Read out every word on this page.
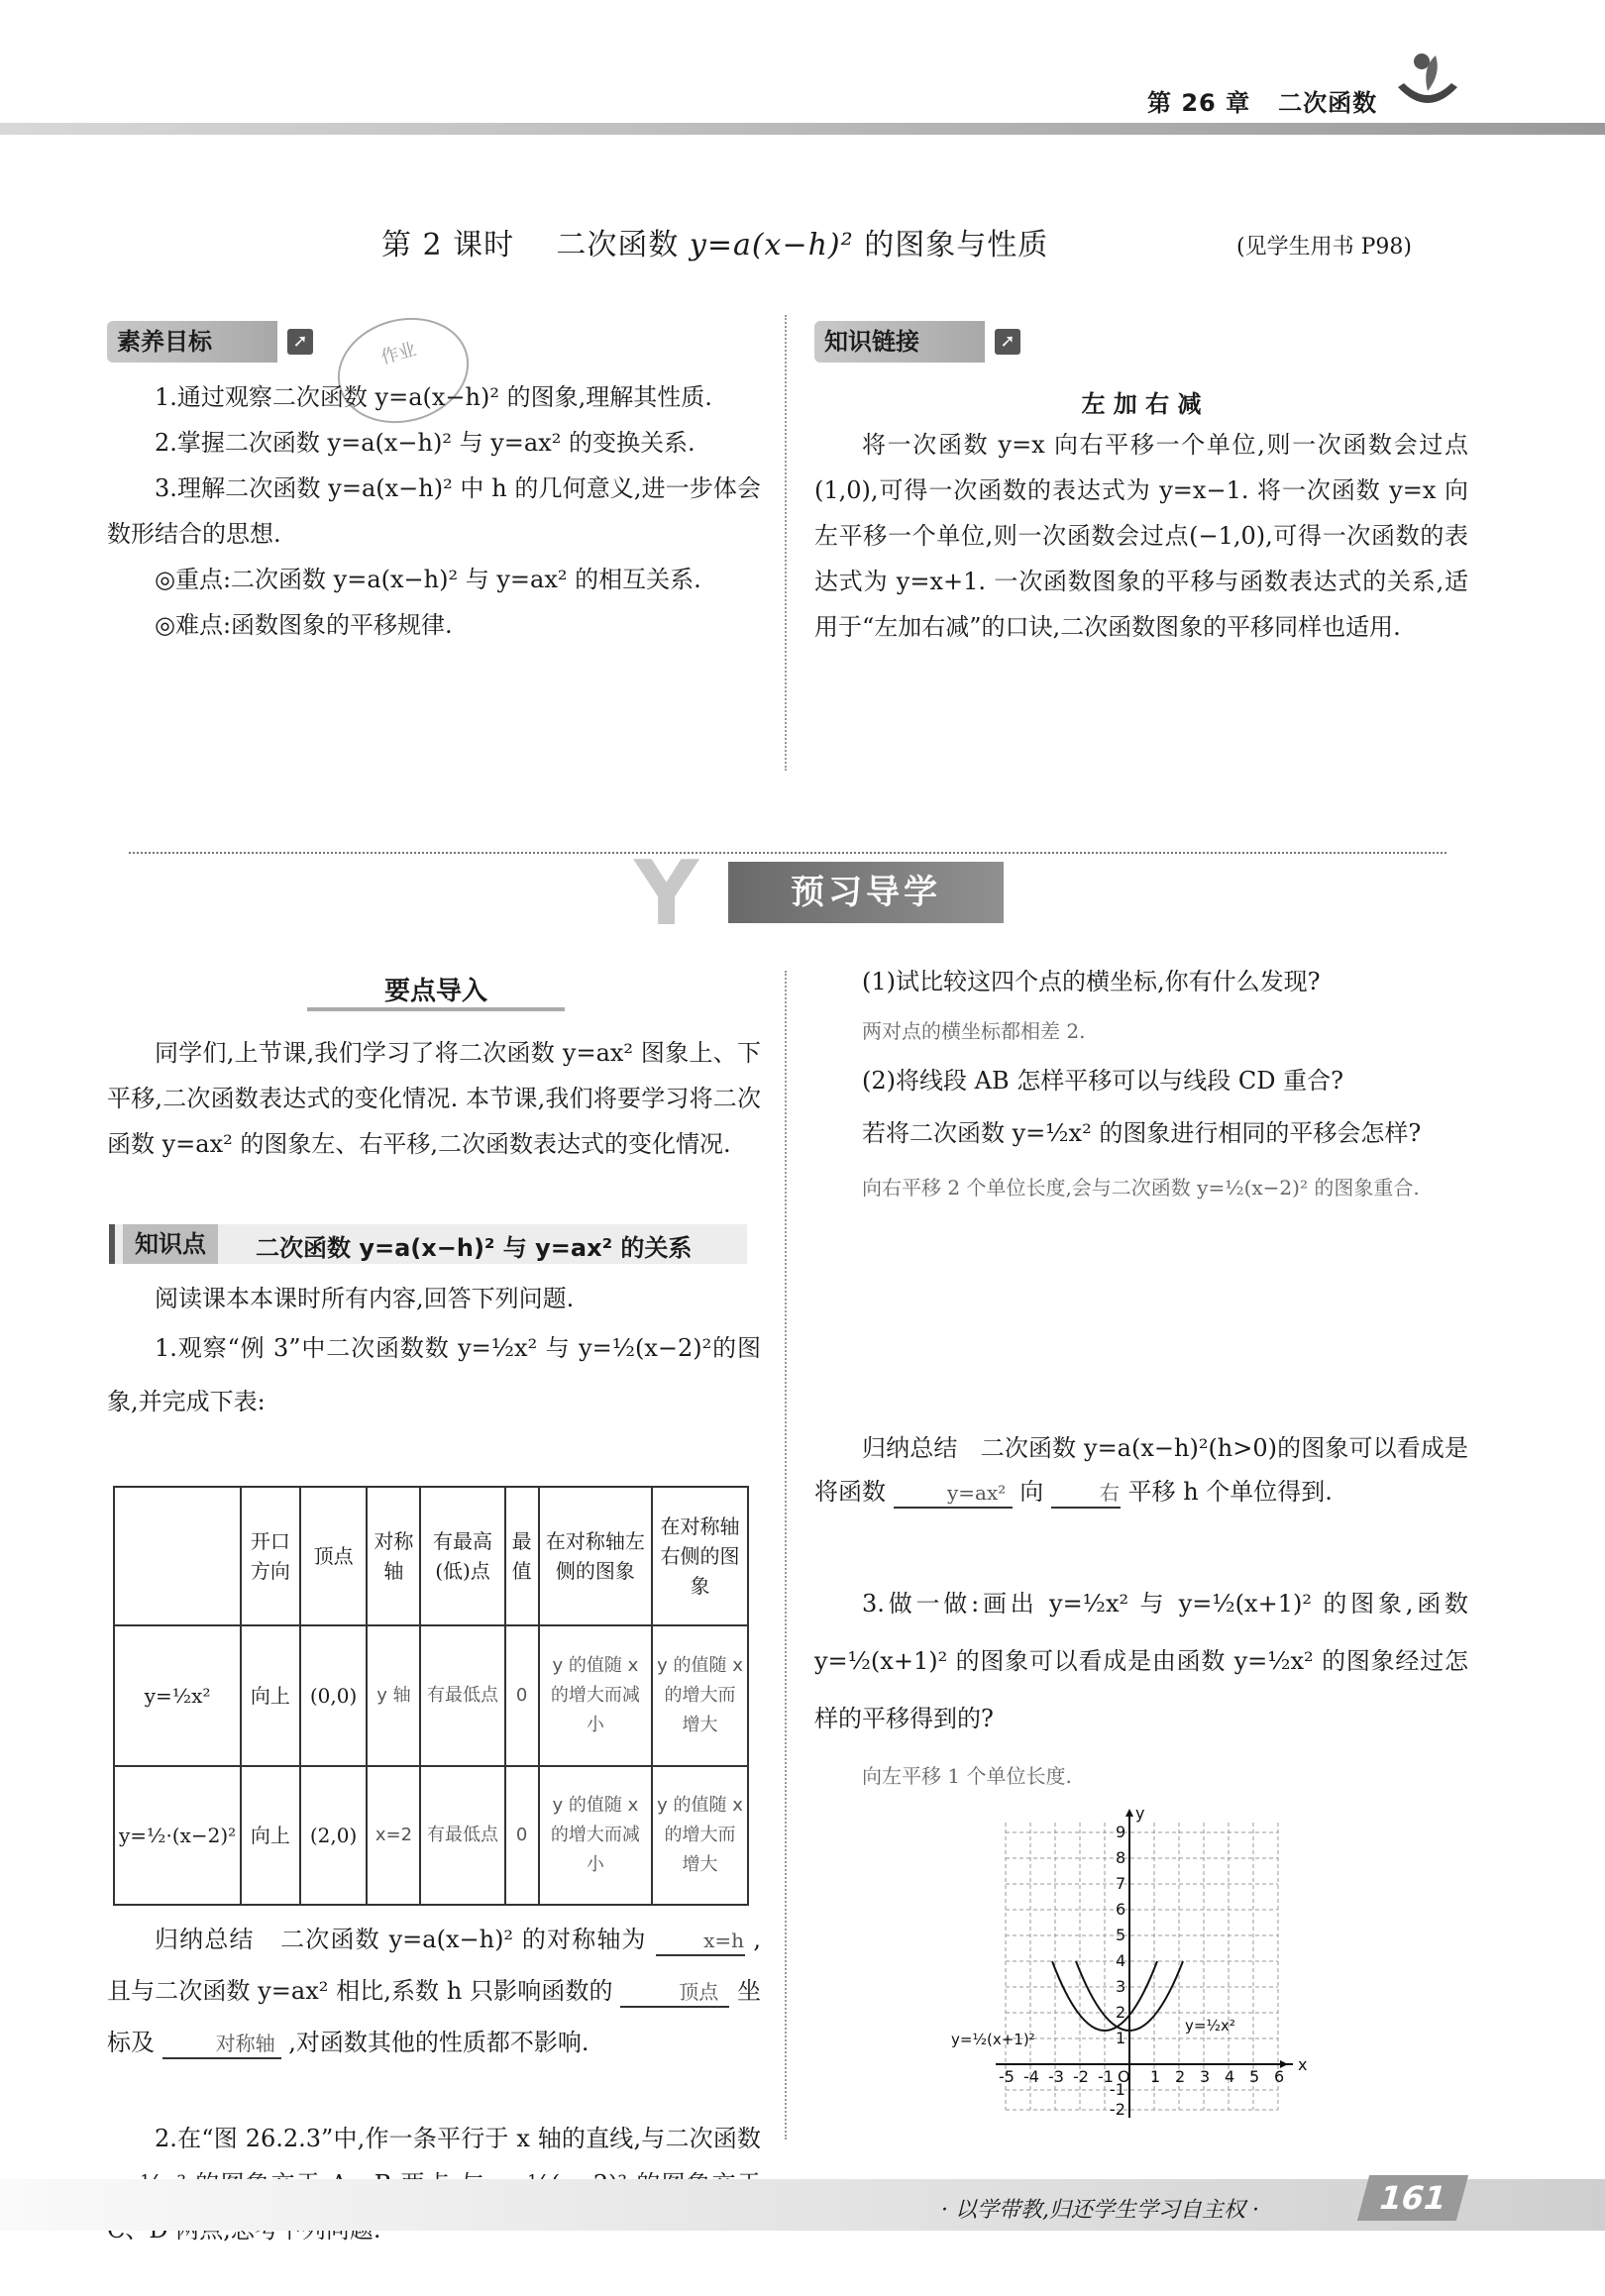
第 26 章 二次函数
第 2 课时 二次函数 y=a(x−h)² 的图象与性质	(见学生用书 P98)
素养目标	➚	作业

1.通过观察二次函数 y=a(x−h)² 的图象,理解其性质.

2.掌握二次函数 y=a(x−h)² 与 y=ax² 的变换关系.

3.理解二次函数 y=a(x−h)² 中 h 的几何意义,进一步体会数形结合的思想.

◎重点:二次函数 y=a(x−h)² 与 y=ax² 的相互关系.

◎难点:函数图象的平移规律.

知识链接	➚
左 加 右 减

将一次函数 y=x 向右平移一个单位,则一次函数会过点(1,0),可得一次函数的表达式为 y=x−1. 将一次函数 y=x 向左平移一个单位,则一次函数会过点(−1,0),可得一次函数的表达式为 y=x+1. 一次函数图象的平移与函数表达式的关系,适用于“左加右减”的口诀,二次函数图象的平移同样也适用.

Y	预习导学
要点导入

同学们,上节课,我们学习了将二次函数 y=ax² 图象上、下平移,二次函数表达式的变化情况. 本节课,我们将要学习将二次函数 y=ax² 的图象左、右平移,二次函数表达式的变化情况.

知识点	二次函数 y=a(x−h)² 与 y=ax² 的关系

阅读课本本课时所有内容,回答下列问题.

1.观察“例 3”中二次函数数 y=½x² 与 y=½(x−2)²的图象,并完成下表:

	开口方向	顶点	对称轴	有最高(低)点	最值	在对称轴左侧的图象	在对称轴右侧的图象
y=½x²	向上	(0,0)	y 轴	有最低点	0	y 的值随 x 的增大而减小	y 的值随 x 的增大而增大
y=½·(x−2)²	向上	(2,0)	x=2	有最低点	0	y 的值随 x 的增大而减小	y 的值随 x 的增大而增大

归纳总结 二次函数 y=a(x−h)² 的对称轴为	x=h ,且与二次函数 y=ax² 相比,系数 h 只影响函数的	顶点 坐标及	对称轴 ,对函数其他的性质都不影响.

2.在“图 26.2.3”中,作一条平行于 x 轴的直线,与二次函数

(1)试比较这四个点的横坐标,你有什么发现?

两对点的横坐标都相差 2.

(2)将线段 AB 怎样平移可以与线段 CD 重合?

若将二次函数 y=½x² 的图象进行相同的平移会怎样?

向右平移 2 个单位长度,会与二次函数 y=½(x−2)² 的图象重合.

归纳总结 二次函数 y=a(x−h)²(h>0)的图象可以看成是将函数	y=ax² 向	右 平移 h 个单位得到.

3.做一做:画出 y=½x² 与 y=½(x+1)² 的图象,函数 y=½(x+1)² 的图象可以看成是由函数 y=½x² 的图象经过怎样的平移得到的?

向左平移 1 个单位长度.

x
y
O
-5 -4 -3 -2 -1 1 2 3 4 5 6
9
8
7
6
5
4
3
2
1
-1
-2
y=½(x+1)²
y=½x²
· 以学带教,归还学生学习自主权 ·	161
